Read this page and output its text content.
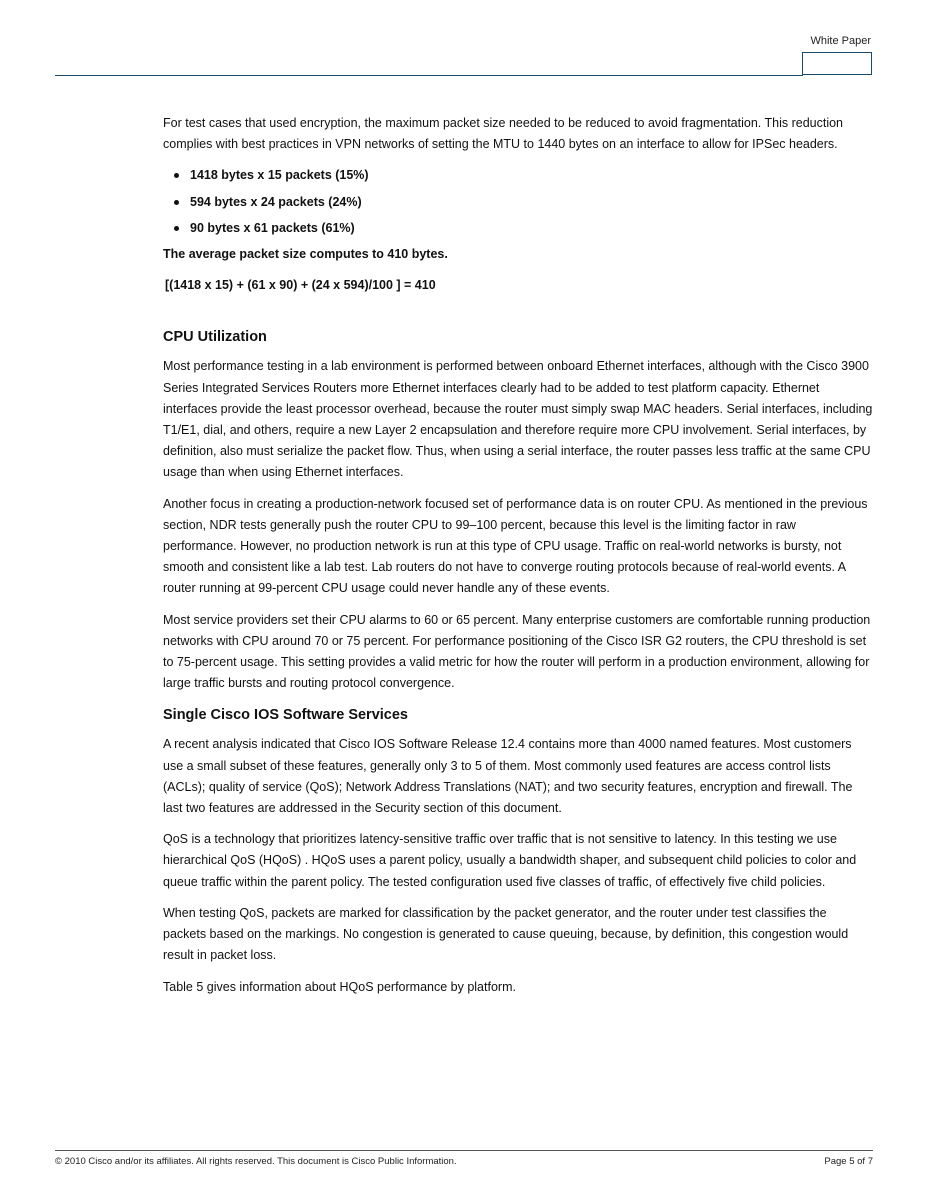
White Paper

For test cases that used encryption, the maximum packet size needed to be reduced to avoid fragmentation. This reduction complies with best practices in VPN networks of setting the MTU to 1440 bytes on an interface to allow for IPSec headers.

1418 bytes x 15 packets (15%)
594 bytes x 24 packets (24%)
90 bytes x 61 packets (61%)

The average packet size computes to 410 bytes.

[(1418 x 15) + (61 x 90) + (24 x 594)/100 ] = 410

CPU Utilization

Most performance testing in a lab environment is performed between onboard Ethernet interfaces, although with the Cisco 3900 Series Integrated Services Routers more Ethernet interfaces clearly had to be added to test platform capacity. Ethernet interfaces provide the least processor overhead, because the router must simply swap MAC headers. Serial interfaces, including T1/E1, dial, and others, require a new Layer 2 encapsulation and therefore require more CPU involvement. Serial interfaces, by definition, also must serialize the packet flow. Thus, when using a serial interface, the router passes less traffic at the same CPU usage than when using Ethernet interfaces.

Another focus in creating a production-network focused set of performance data is on router CPU. As mentioned in the previous section, NDR tests generally push the router CPU to 99–100 percent, because this level is the limiting factor in raw performance. However, no production network is run at this type of CPU usage. Traffic on real-world networks is bursty, not smooth and consistent like a lab test. Lab routers do not have to converge routing protocols because of real-world events. A router running at 99-percent CPU usage could never handle any of these events.

Most service providers set their CPU alarms to 60 or 65 percent. Many enterprise customers are comfortable running production networks with CPU around 70 or 75 percent. For performance positioning of the Cisco ISR G2 routers, the CPU threshold is set to 75-percent usage. This setting provides a valid metric for how the router will perform in a production environment, allowing for large traffic bursts and routing protocol convergence.

Single Cisco IOS Software Services

A recent analysis indicated that Cisco IOS Software Release 12.4 contains more than 4000 named features. Most customers use a small subset of these features, generally only 3 to 5 of them. Most commonly used features are access control lists (ACLs); quality of service (QoS); Network Address Translations (NAT); and two security features, encryption and firewall. The last two features are addressed in the Security section of this document.

QoS is a technology that prioritizes latency-sensitive traffic over traffic that is not sensitive to latency. In this testing we use hierarchical QoS (HQoS) . HQoS uses a parent policy, usually a bandwidth shaper, and subsequent child policies to color and queue traffic within the parent policy. The tested configuration used five classes of traffic, of effectively five child policies.

When testing QoS, packets are marked for classification by the packet generator, and the router under test classifies the packets based on the markings. No congestion is generated to cause queuing, because, by definition, this congestion would result in packet loss.

Table 5 gives information about HQoS performance by platform.

© 2010 Cisco and/or its affiliates. All rights reserved. This document is Cisco Public Information.	Page 5 of 7
